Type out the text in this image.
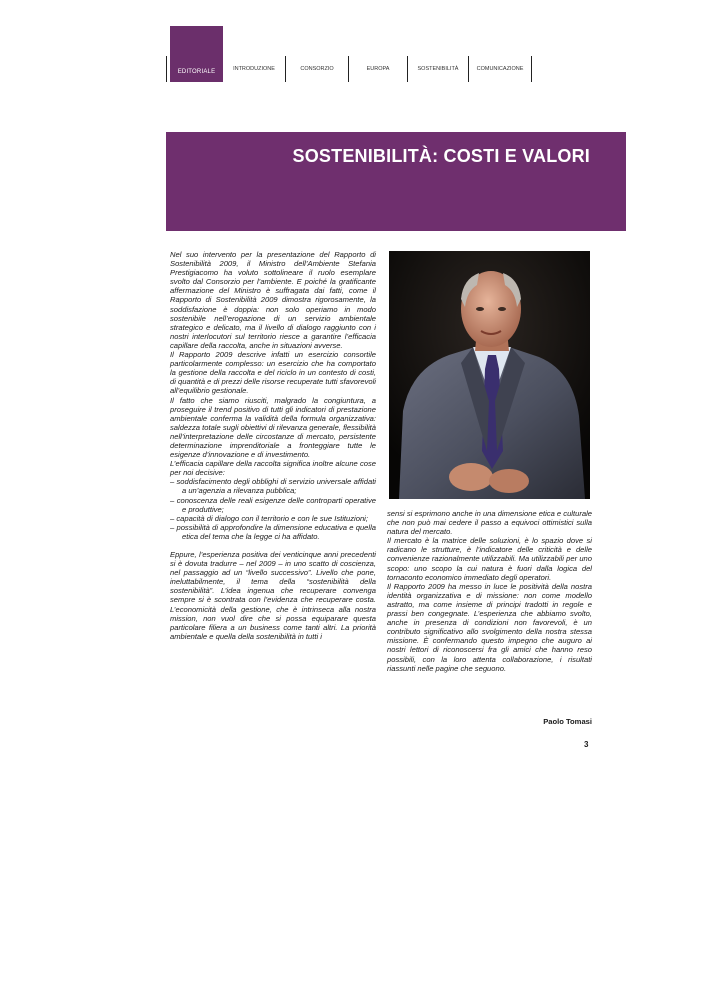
EDITORIALE	INTRODUZIONE	CONSORZIO	EUROPA	SOSTENIBILITÀ	COMUNICAZIONE
SOSTENIBILITÀ: COSTI E VALORI

Nel suo intervento per la presentazione del Rapporto di Sostenibilità 2009, il Ministro dell’Ambiente Stefania Prestigiacomo ha voluto sottolineare il ruolo esemplare svolto dal Consorzio per l’ambiente. E poiché la gratificante affermazione del Ministro è suffragata dai fatti, come il Rapporto di Sostenibilità 2009 dimostra rigorosamente, la soddisfazione è doppia: non solo operiamo in modo sostenibile nell’erogazione di un servizio ambientale strategico e delicato, ma il livello di dialogo raggiunto con i nostri interlocutori sul territorio riesce a garantire l’efficacia capillare della raccolta, anche in situazioni avverse.

Il Rapporto 2009 descrive infatti un esercizio consortile particolarmente complesso: un esercizio che ha comportato la gestione della raccolta e del riciclo in un contesto di costi, di quantità e di prezzi delle risorse recuperate tutti sfavorevoli all’equilibrio gestionale.

Il fatto che siamo riusciti, malgrado la congiuntura, a proseguire il trend positivo di tutti gli indicatori di prestazione ambientale conferma la validità della formula organizzativa: saldezza totale sugli obiettivi di rilevanza generale, flessibilità nell’interpretazione delle circostanze di mercato, persistente determinazione imprenditoriale a fronteggiare tutte le esigenze d’innovazione e di investimento.

L’efficacia capillare della raccolta significa inoltre alcune cose per noi decisive:

– soddisfacimento degli obblighi di servizio universale affidati a un’agenzia a rilevanza pubblica;
– conoscenza delle reali esigenze delle contropartі operative e produttive;
– capacità di dialogo con il territorio e con le sue Istituzioni;
– possibilità di approfondire la dimensione educativa e quella etica del tema che la legge ci ha affidato.

Eppure, l’esperienza positiva dei venticinque anni precedenti si è dovuta tradurre – nel 2009 – in uno scatto di coscienza, nel passaggio ad un “livello successivo”. Livello che pone, ineluttabilmente, il tema della “sostenibilità della sostenibilità”. L’idea ingenua che recuperare convenga sempre si è scontrata con l’evidenza che recuperare costa. L’economicità della gestione, che è intrinseca alla nostra mission, non vuol dire che si possa equiparare questa particolare filiera a un business come tanti altri. La priorità ambientale e quella della sostenibilità in tutti i

sensi si esprimono anche in una dimensione etica e culturale che non può mai cedere il passo a equivoci ottimistici sulla natura del mercato.

Il mercato è la matrice delle soluzioni, è lo spazio dove si radicano le strutture, è l’indicatore delle criticità e delle convenienze razionalmente utilizzabili. Ma utilizzabili per uno scopo: uno scopo la cui natura è fuori dalla logica del tornaconto economico immediato degli operatori.

Il Rapporto 2009 ha messo in luce le positività della nostra identità organizzativa e di missione: non come modello astratto, ma come insieme di principi tradotti in regole e prassi ben congegnate. L’esperienza che abbiamo svolto, anche in presenza di condizioni non favorevoli, è un contributo significativo allo svolgimento della nostra stessa missione. È confermando questo impegno che auguro ai nostri lettori di riconoscersi fra gli amici che hanno reso possibili, con la loro attenta collaborazione, i risultati riassunti nelle pagine che seguono.

Paolo Tomasi
3
